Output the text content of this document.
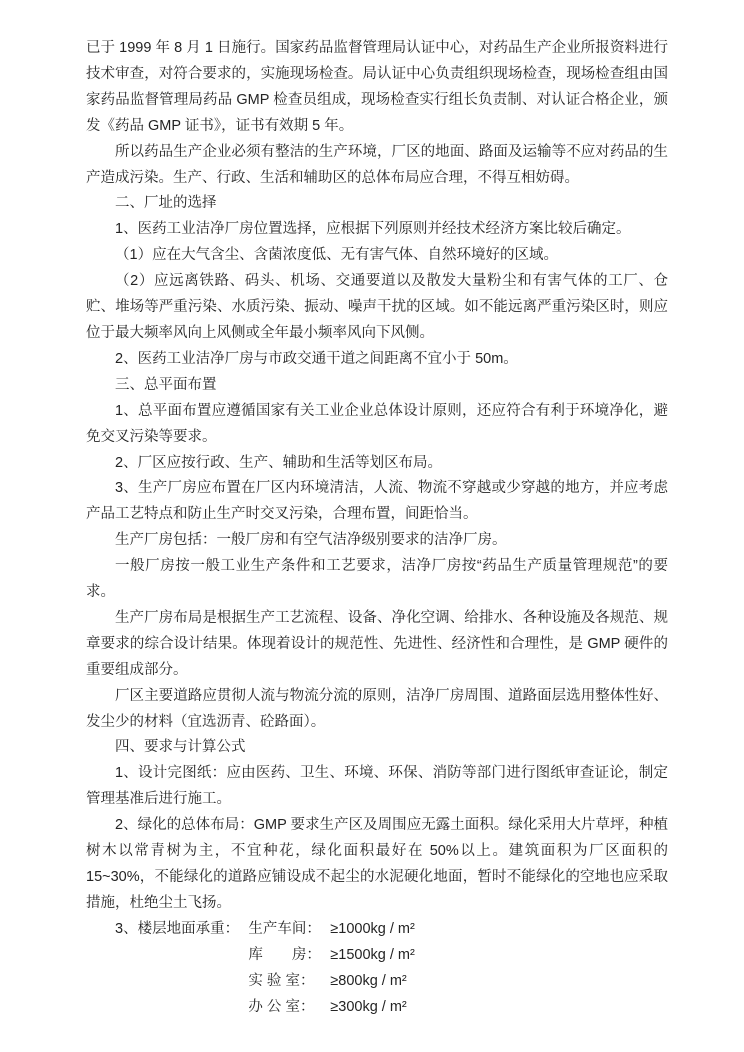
已于 1999 年 8 月 1 日施行。国家药品监督管理局认证中心，对药品生产企业所报资料进行技术审查，对符合要求的，实施现场检查。局认证中心负责组织现场检查，现场检查组由国家药品监督管理局药品 GMP 检查员组成，现场检查实行组长负责制、对认证合格企业，颁发《药品 GMP 证书》，证书有效期 5 年。

所以药品生产企业必须有整洁的生产环境，厂区的地面、路面及运输等不应对药品的生产造成污染。生产、行政、生活和辅助区的总体布局应合理，不得互相妨碍。

二、厂址的选择

1、医药工业洁净厂房位置选择，应根据下列原则并经技术经济方案比较后确定。

（1）应在大气含尘、含菌浓度低、无有害气体、自然环境好的区域。

（2）应远离铁路、码头、机场、交通要道以及散发大量粉尘和有害气体的工厂、仓贮、堆场等严重污染、水质污染、振动、噪声干扰的区域。如不能远离严重污染区时，则应位于最大频率风向上风侧或全年最小频率风向下风侧。

2、医药工业洁净厂房与市政交通干道之间距离不宜小于 50m。

三、总平面布置

1、总平面布置应遵循国家有关工业企业总体设计原则，还应符合有利于环境净化，避免交叉污染等要求。

2、厂区应按行政、生产、辅助和生活等划区布局。

3、生产厂房应布置在厂区内环境清洁，人流、物流不穿越或少穿越的地方，并应考虑产品工艺特点和防止生产时交叉污染，合理布置，间距恰当。

生产厂房包括：一般厂房和有空气洁净级别要求的洁净厂房。

一般厂房按一般工业生产条件和工艺要求，洁净厂房按“药品生产质量管理规范”的要求。

生产厂房布局是根据生产工艺流程、设备、净化空调、给排水、各种设施及各规范、规章要求的综合设计结果。体现着设计的规范性、先进性、经济性和合理性，是 GMP 硬件的重要组成部分。

厂区主要道路应贯彻人流与物流分流的原则，洁净厂房周围、道路面层选用整体性好、发尘少的材料（宜选沥青、砼路面）。

四、要求与计算公式

1、设计完图纸：应由医药、卫生、环境、环保、消防等部门进行图纸审查证论，制定管理基准后进行施工。

2、绿化的总体布局：GMP 要求生产区及周围应无露土面积。绿化采用大片草坪，种植树木以常青树为主，不宜种花，绿化面积最好在 50%以上。建筑面积为厂区面积的 15~30%，不能绿化的道路应铺设成不起尘的水泥硬化地面，暂时不能绿化的空地也应采取措施，杜绝尘土飞扬。

3、楼层地面承重： 生产车间： ≥1000kg / m²
库　　房： ≥1500kg / m²
实 验 室：	≥800kg / m²
办 公 室：	≥300kg / m²
